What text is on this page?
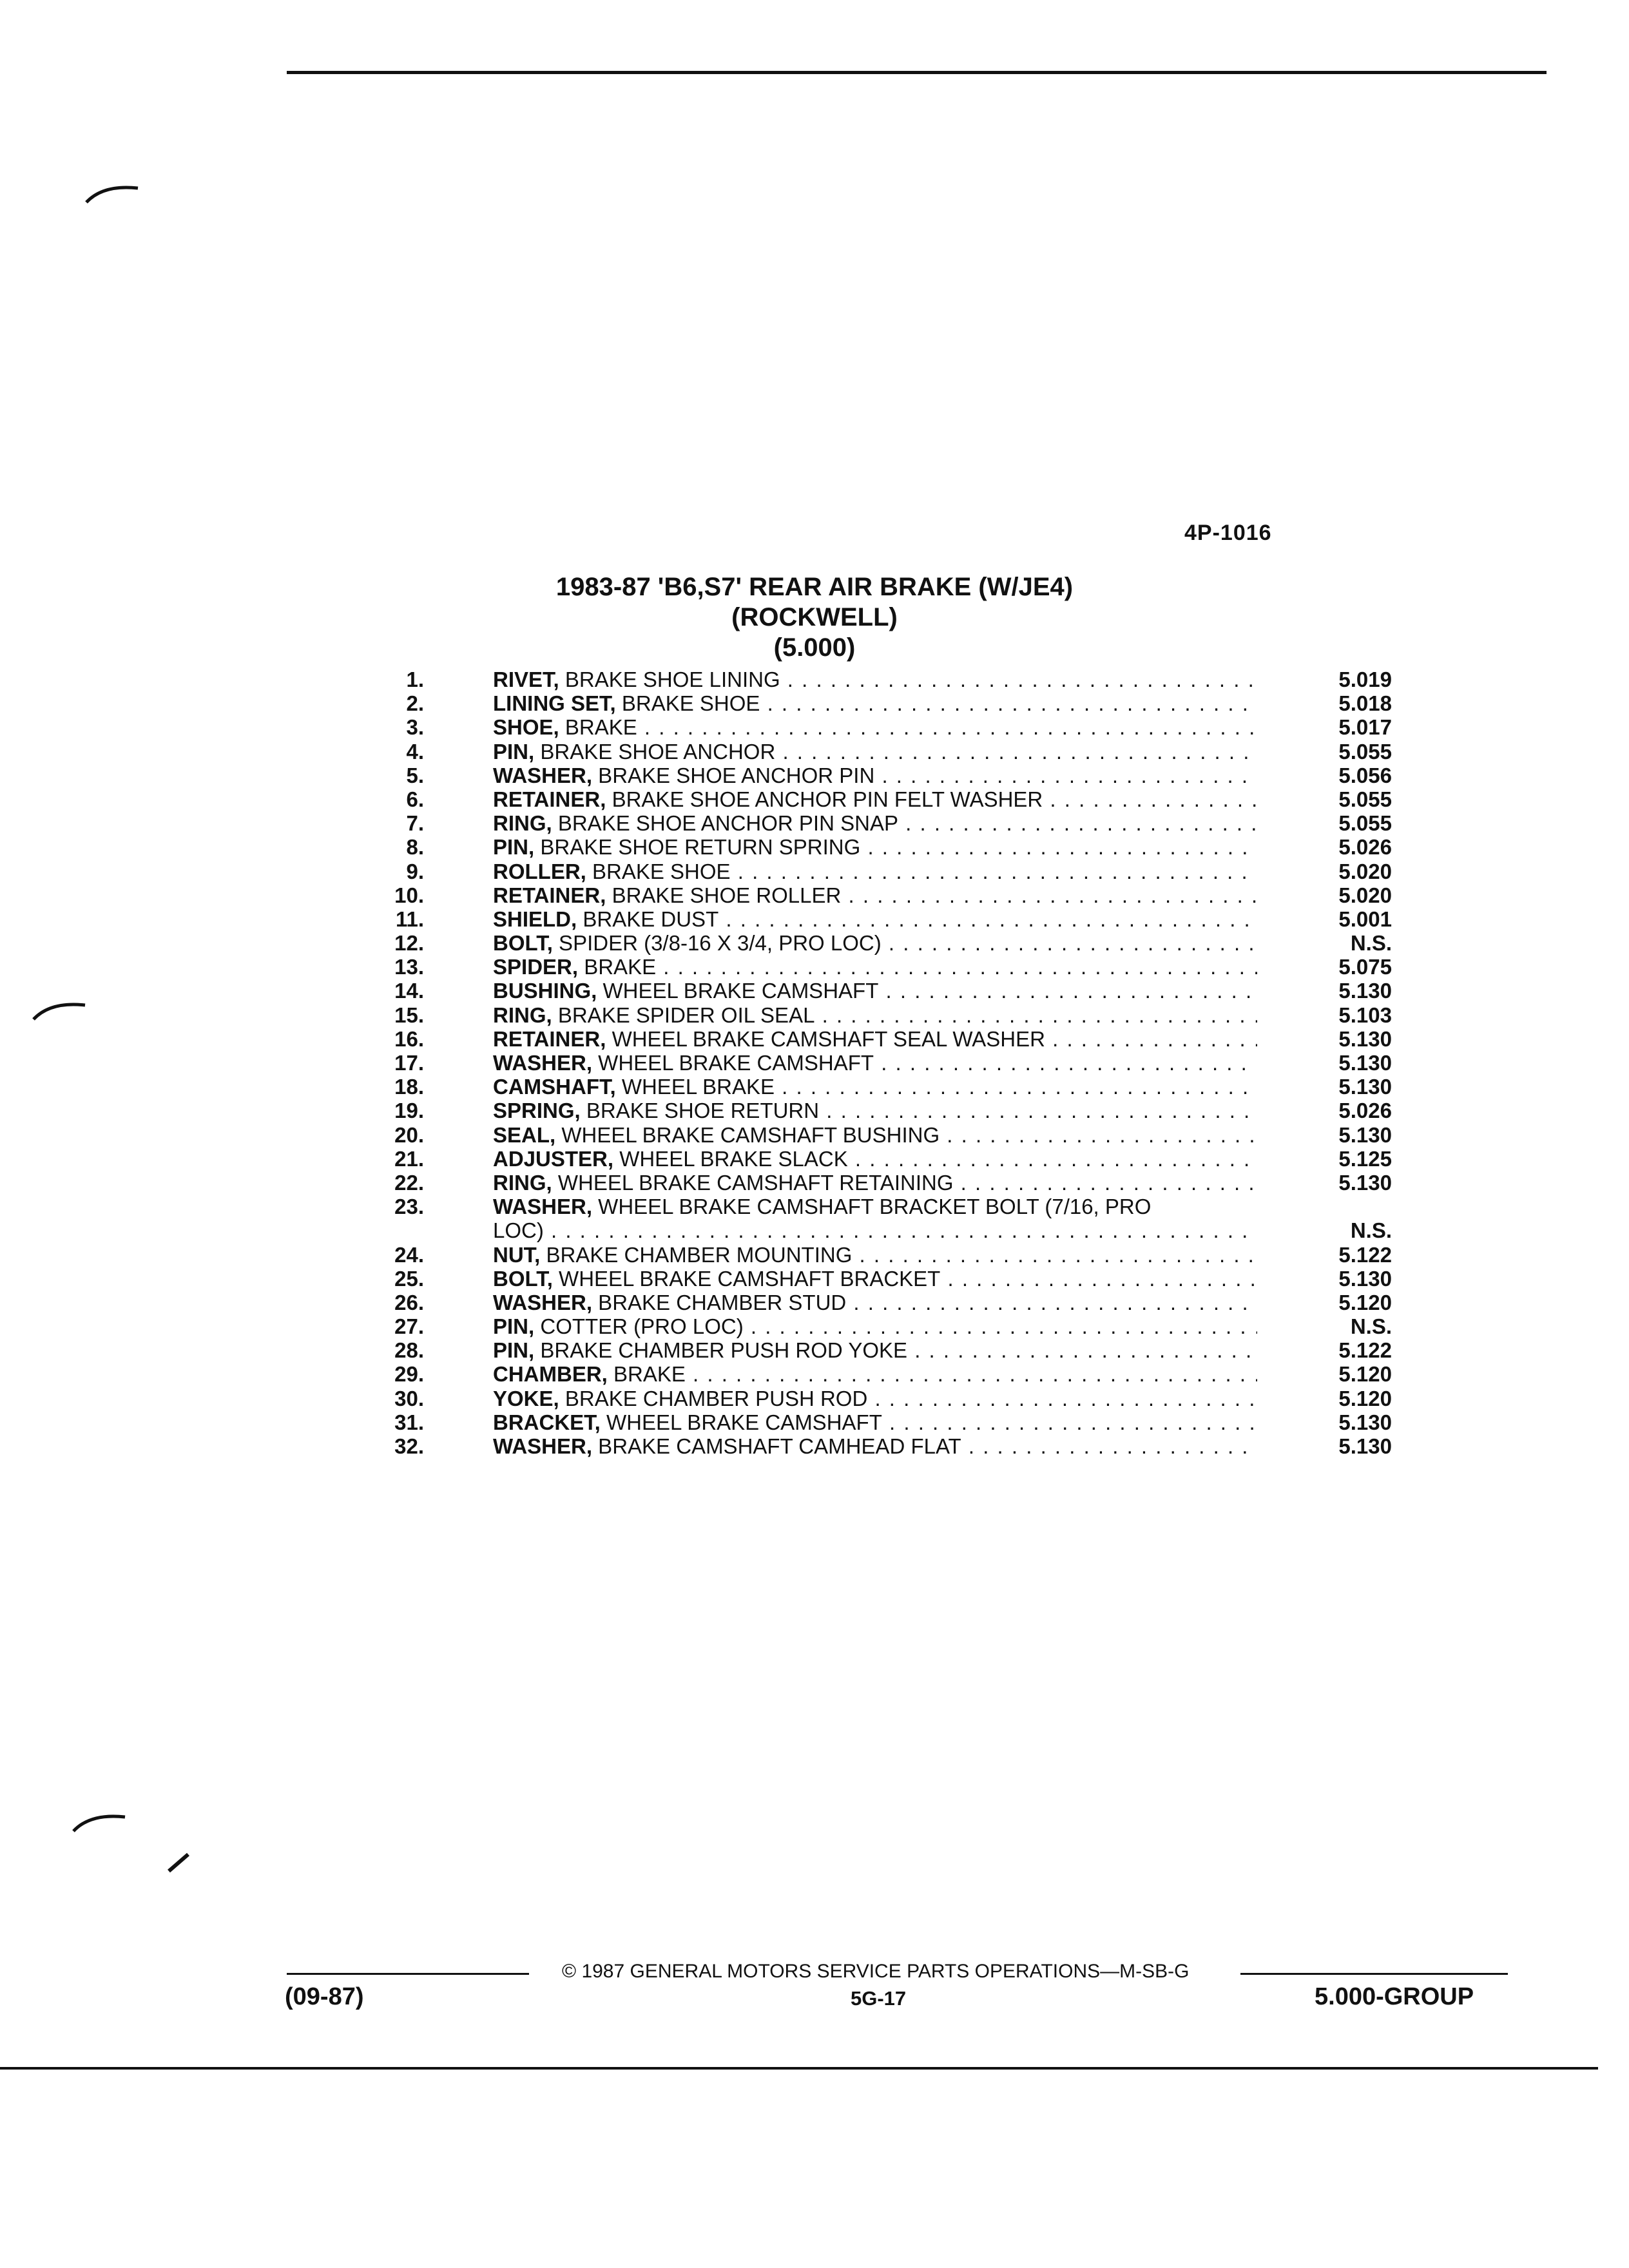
4P-1016
1983-87 'B6,S7' REAR AIR BRAKE (W/JE4)
(ROCKWELL)
(5.000)
1.	RIVET, BRAKE SHOE LINING . . .	5.019
2.	LINING SET, BRAKE SHOE . . .	5.018
3.	SHOE, BRAKE . . .	5.017
4.	PIN, BRAKE SHOE ANCHOR . . .	5.055
5.	WASHER, BRAKE SHOE ANCHOR PIN . . .	5.056
6.	RETAINER, BRAKE SHOE ANCHOR PIN FELT WASHER . . .	5.055
7.	RING, BRAKE SHOE ANCHOR PIN SNAP . . .	5.055
8.	PIN, BRAKE SHOE RETURN SPRING . . .	5.026
9.	ROLLER, BRAKE SHOE . . .	5.020
10.	RETAINER, BRAKE SHOE ROLLER . . .	5.020
11.	SHIELD, BRAKE DUST . . .	5.001
12.	BOLT, SPIDER (3/8-16 X 3/4, PRO LOC) . . .	N.S.
13.	SPIDER, BRAKE . . .	5.075
14.	BUSHING, WHEEL BRAKE CAMSHAFT . . .	5.130
15.	RING, BRAKE SPIDER OIL SEAL . . .	5.103
16.	RETAINER, WHEEL BRAKE CAMSHAFT SEAL WASHER . . .	5.130
17.	WASHER, WHEEL BRAKE CAMSHAFT . . .	5.130
18.	CAMSHAFT, WHEEL BRAKE . . .	5.130
19.	SPRING, BRAKE SHOE RETURN . . .	5.026
20.	SEAL, WHEEL BRAKE CAMSHAFT BUSHING . . .	5.130
21.	ADJUSTER, WHEEL BRAKE SLACK . . .	5.125
22.	RING, WHEEL BRAKE CAMSHAFT RETAINING . . .	5.130
23.	WASHER, WHEEL BRAKE CAMSHAFT BRACKET BOLT (7/16, PRO
LOC) . . .	N.S.
24.	NUT, BRAKE CHAMBER MOUNTING . . .	5.122
25.	BOLT, WHEEL BRAKE CAMSHAFT BRACKET . . .	5.130
26.	WASHER, BRAKE CHAMBER STUD . . .	5.120
27.	PIN, COTTER (PRO LOC) . . .	N.S.
28.	PIN, BRAKE CHAMBER PUSH ROD YOKE . . .	5.122
29.	CHAMBER, BRAKE . . .	5.120
30.	YOKE, BRAKE CHAMBER PUSH ROD . . .	5.120
31.	BRACKET, WHEEL BRAKE CAMSHAFT . . .	5.130
32.	WASHER, BRAKE CAMSHAFT CAMHEAD FLAT . . .	5.130
© 1987 GENERAL MOTORS SERVICE PARTS OPERATIONS—M-SB-G
(09-87)	5G-17	5.000-GROUP
